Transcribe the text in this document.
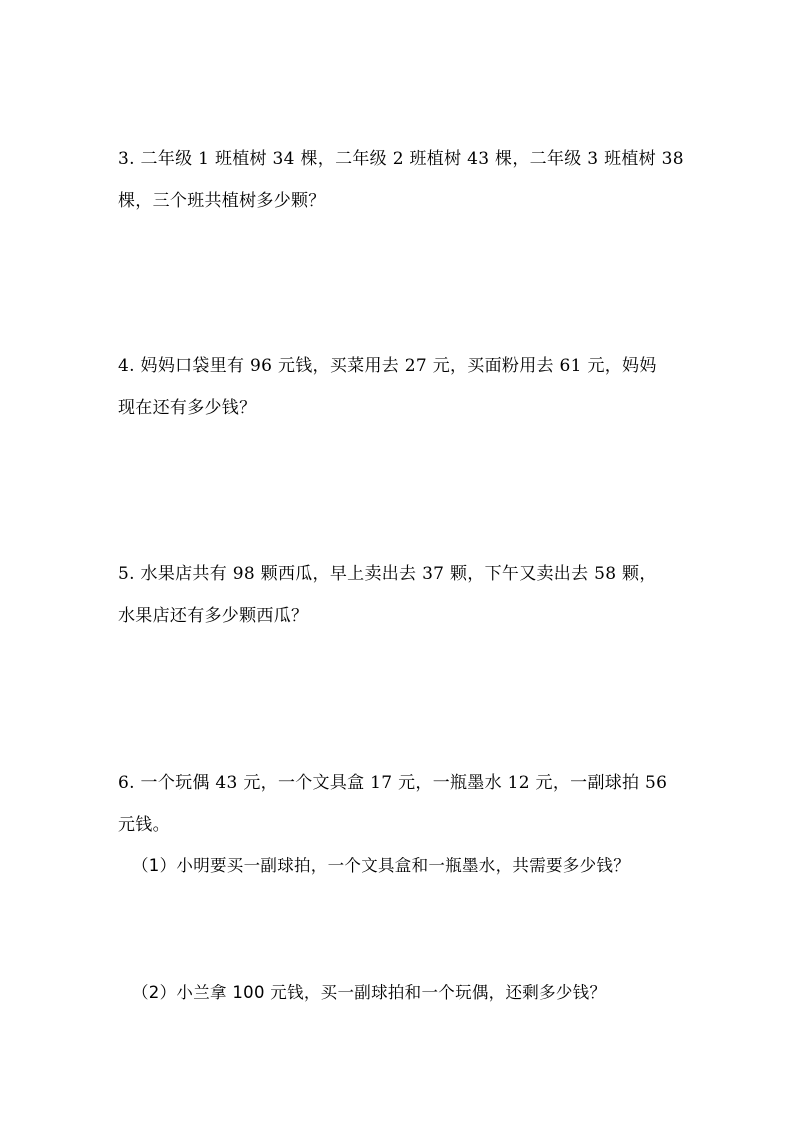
3. 二年级 1 班植树 34 棵，二年级 2 班植树 43 棵，二年级 3 班植树 38
棵，三个班共植树多少颗？
4. 妈妈口袋里有 96 元钱，买菜用去 27 元，买面粉用去 61 元，妈妈
现在还有多少钱？
5. 水果店共有 98 颗西瓜，早上卖出去 37 颗，下午又卖出去 58 颗，
水果店还有多少颗西瓜？
6. 一个玩偶 43 元，一个文具盒 17 元，一瓶墨水 12 元，一副球拍 56
元钱。
（1）小明要买一副球拍，一个文具盒和一瓶墨水，共需要多少钱？
（2）小兰拿 100 元钱，买一副球拍和一个玩偶，还剩多少钱？
